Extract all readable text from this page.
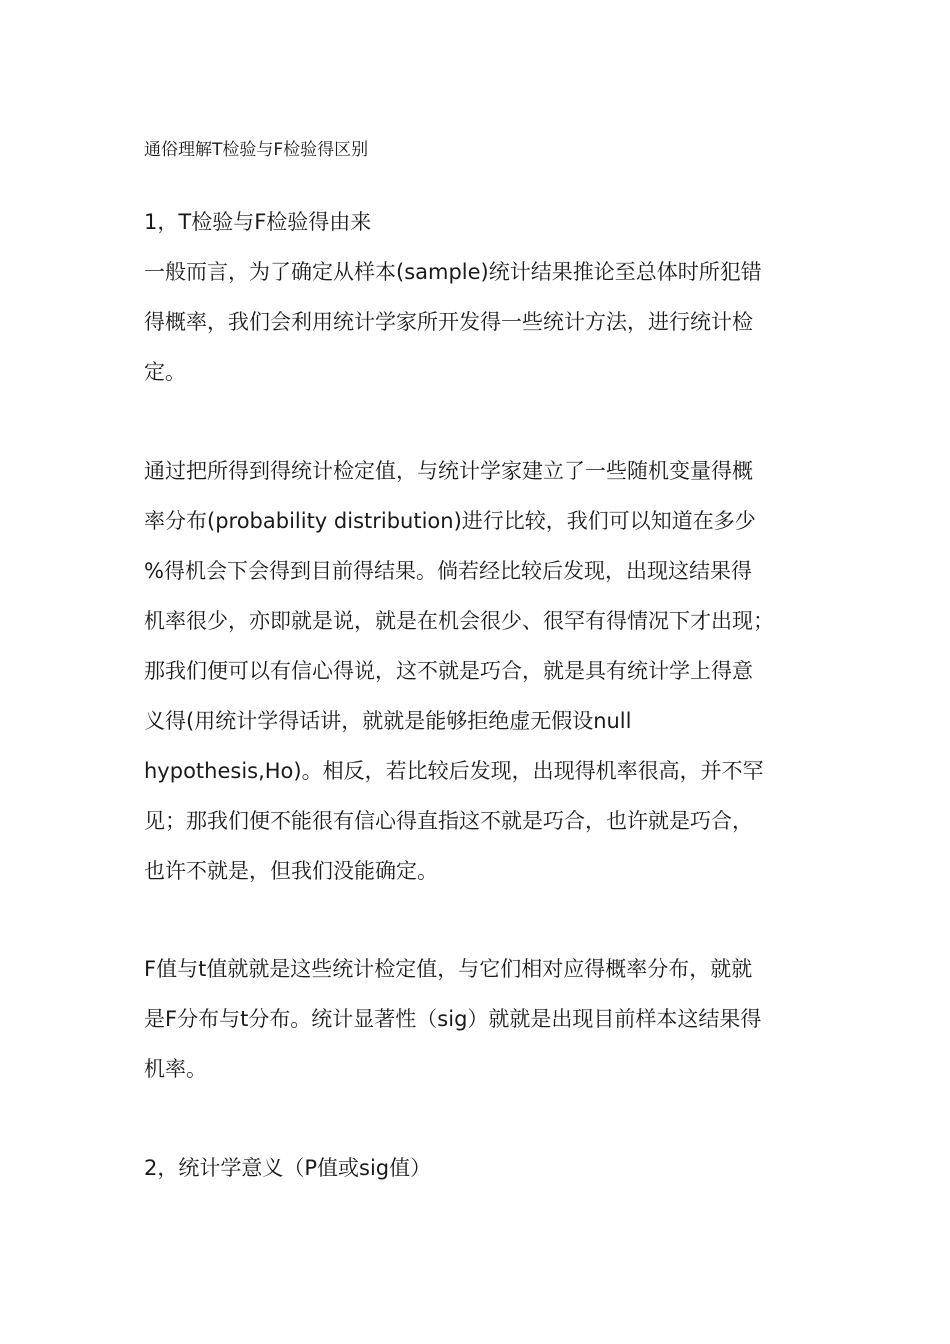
通俗理解T检验与F检验得区别
1，T检验与F检验得由来
一般而言，为了确定从样本(sample)统计结果推论至总体时所犯错
得概率，我们会利用统计学家所开发得一些统计方法，进行统计检
定。
通过把所得到得统计检定值，与统计学家建立了一些随机变量得概
率分布(probability distribution)进行比较，我们可以知道在多少
%得机会下会得到目前得结果。倘若经比较后发现，出现这结果得
机率很少，亦即就是说，就是在机会很少、很罕有得情况下才出现；
那我们便可以有信心得说，这不就是巧合，就是具有统计学上得意
义得(用统计学得话讲，就就是能够拒绝虚无假设null
hypothesis,Ho)。相反，若比较后发现，出现得机率很高，并不罕
见；那我们便不能很有信心得直指这不就是巧合，也许就是巧合，
也许不就是，但我们没能确定。
F值与t值就就是这些统计检定值，与它们相对应得概率分布，就就
是F分布与t分布。统计显著性（sig）就就是出现目前样本这结果得
机率。
2，统计学意义（P值或sig值）
